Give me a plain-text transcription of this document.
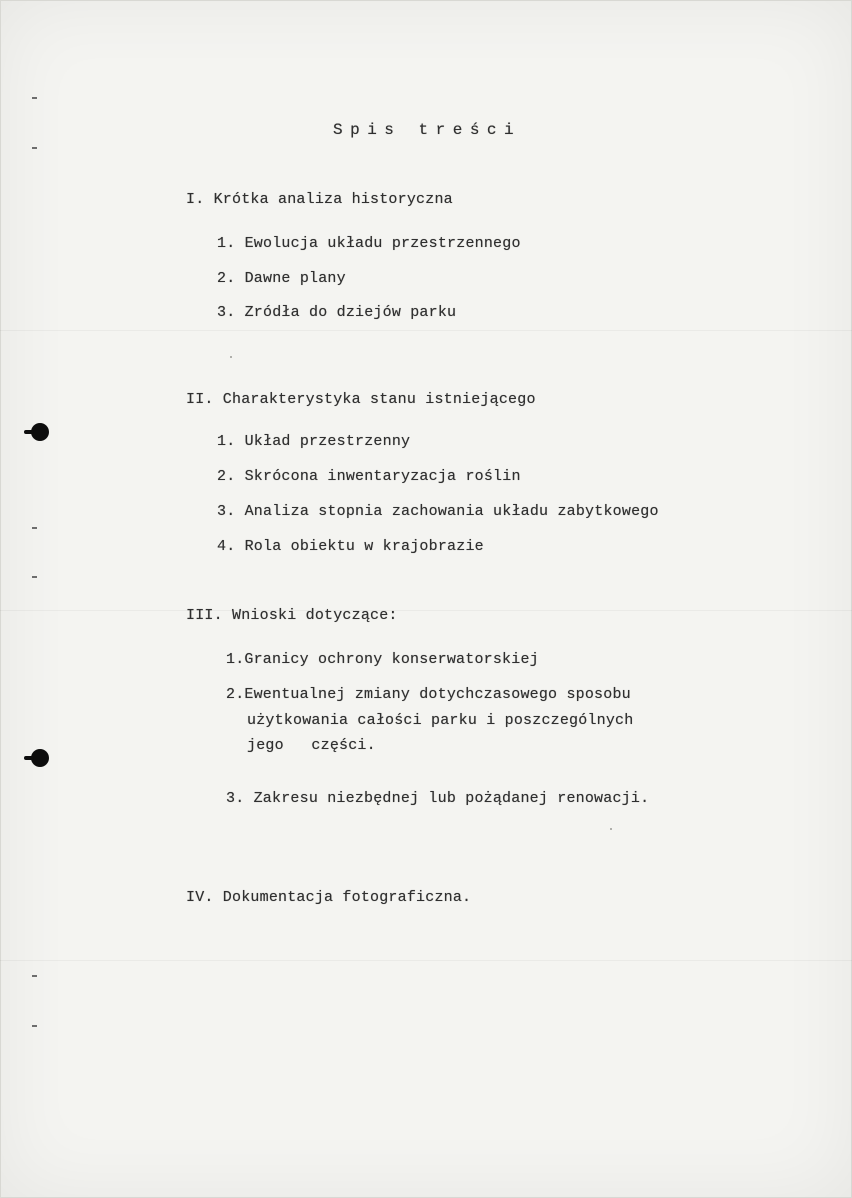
Spis treści
I. Krótka analiza historyczna
1. Ewolucja układu przestrzennego
2. Dawne plany
3. Zródła do dziejów parku
II. Charakterystyka stanu istniejącego
1. Układ przestrzenny
2. Skrócona inwentaryzacja roślin
3. Analiza stopnia zachowania układu zabytkowego
4. Rola obiektu w krajobrazie
III. Wnioski dotyczące:
1.Granicy ochrony konserwatorskiej
2.Ewentualnej zmiany dotychczasowego sposobu
użytkowania całości parku i poszczególnych
jego   części.
3. Zakresu niezbędnej lub pożądanej renowacji.
IV. Dokumentacja fotograficzna.
